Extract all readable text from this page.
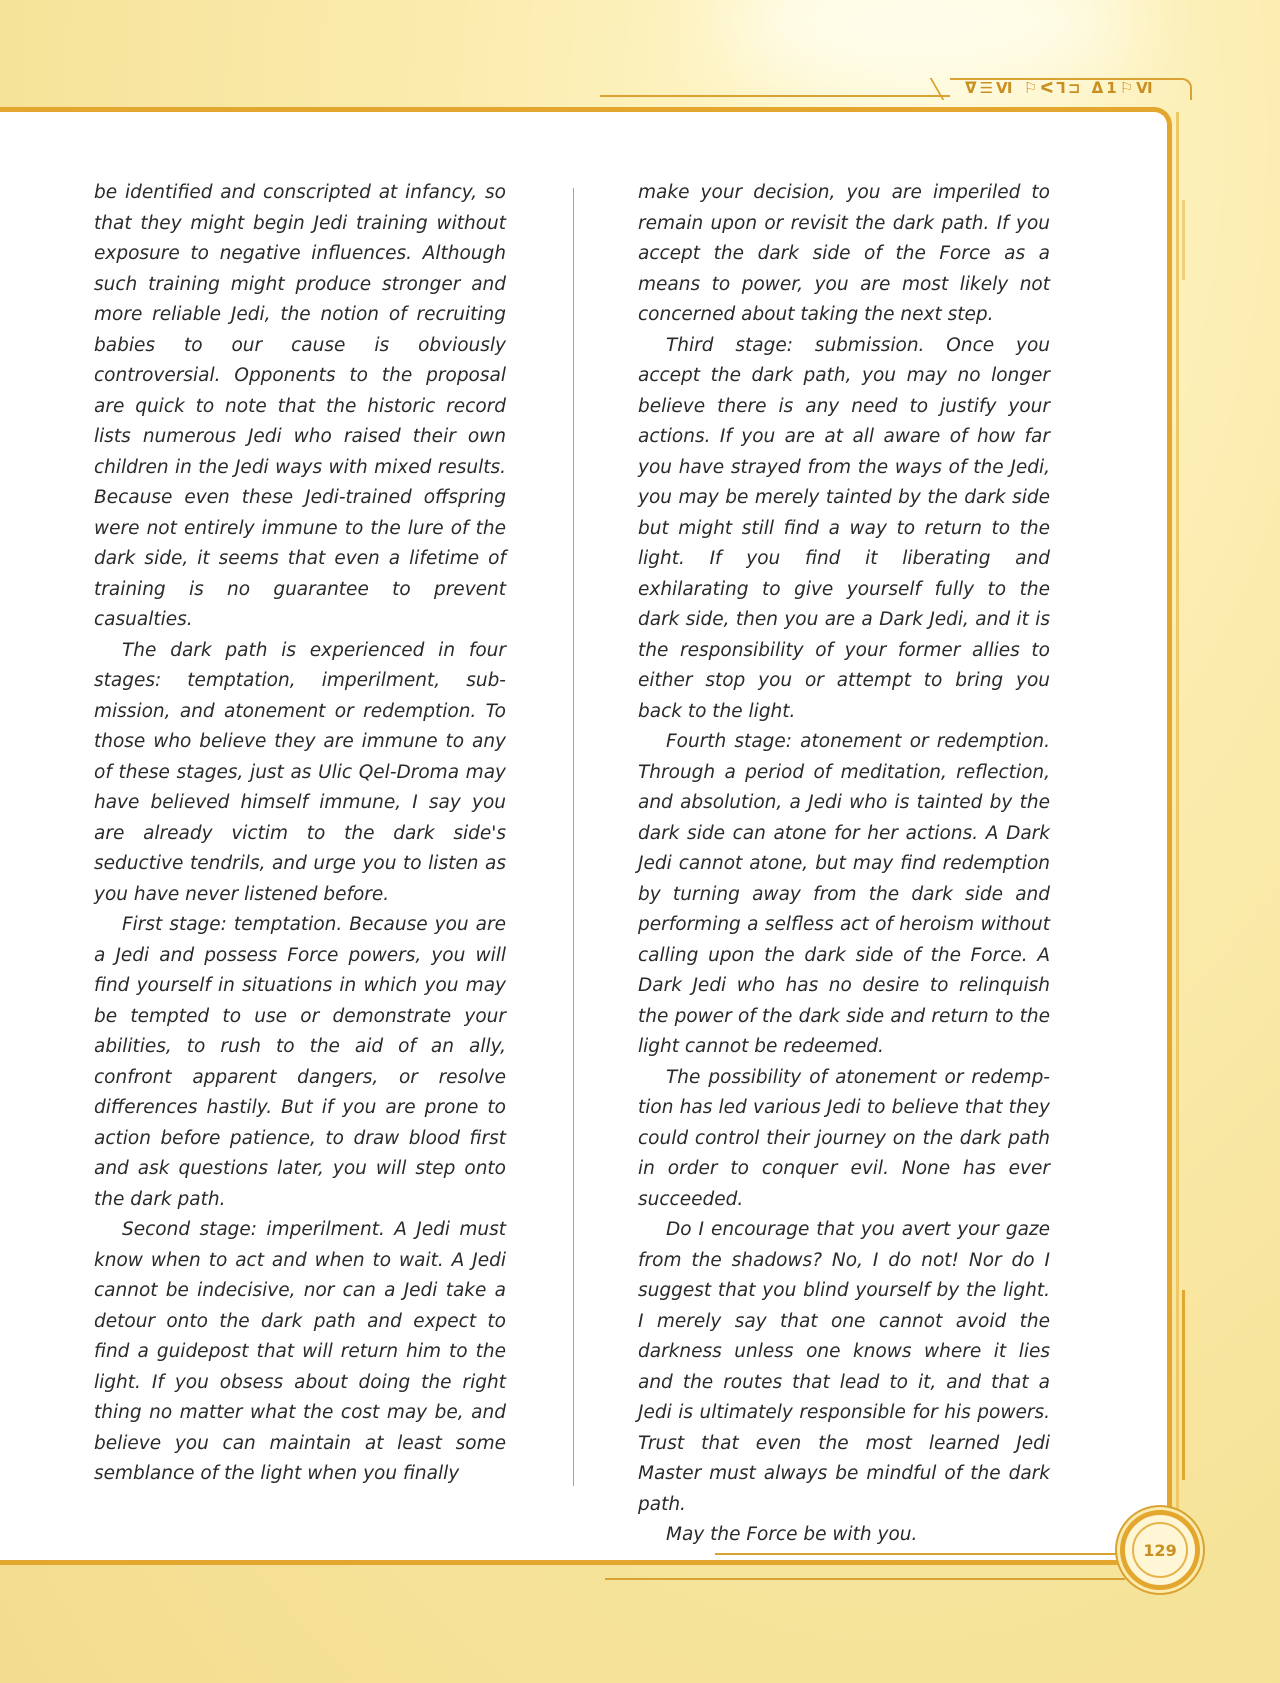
ᐁ☰Ⅵ ⚐ᐸ⅂⊐ ᐃ1⚐Ⅵ

be identified and conscripted at infancy, so that they might begin Jedi training without exposure to negative influences. Although such training might produce stronger and more reliable Jedi, the notion of recruiting babies to our cause is obviously controversial. Opponents to the proposal are quick to note that the historic record lists numerous Jedi who raised their own children in the Jedi ways with mixed results. Because even these Jedi-trained offspring were not entirely immune to the lure of the dark side, it seems that even a lifetime of training is no guarantee to prevent casualties.

The dark path is experienced in four stages: temptation, imperilment, sub-mission, and atonement or redemption. To those who believe they are immune to any of these stages, just as Ulic Qel-Droma may have believed himself immune, I say you are already victim to the dark side's seductive tendrils, and urge you to listen as you have never listened before.

First stage: temptation. Because you are a Jedi and possess Force powers, you will find yourself in situations in which you may be tempted to use or demonstrate your abilities, to rush to the aid of an ally, confront apparent dangers, or resolve differences hastily. But if you are prone to action before patience, to draw blood first and ask questions later, you will step onto the dark path.

Second stage: imperilment. A Jedi must know when to act and when to wait. A Jedi cannot be indecisive, nor can a Jedi take a detour onto the dark path and expect to find a guidepost that will return him to the light. If you obsess about doing the right thing no matter what the cost may be, and believe you can maintain at least some semblance of the light when you finally

make your decision, you are imperiled to remain upon or revisit the dark path. If you accept the dark side of the Force as a means to power, you are most likely not concerned about taking the next step.

Third stage: submission. Once you accept the dark path, you may no longer believe there is any need to justify your actions. If you are at all aware of how far you have strayed from the ways of the Jedi, you may be merely tainted by the dark side but might still find a way to return to the light. If you find it liberating and exhilarating to give yourself fully to the dark side, then you are a Dark Jedi, and it is the responsibility of your former allies to either stop you or attempt to bring you back to the light.

Fourth stage: atonement or redemption. Through a period of meditation, reflection, and absolution, a Jedi who is tainted by the dark side can atone for her actions. A Dark Jedi cannot atone, but may find redemption by turning away from the dark side and performing a selfless act of heroism without calling upon the dark side of the Force. A Dark Jedi who has no desire to relinquish the power of the dark side and return to the light cannot be redeemed.

The possibility of atonement or redemp-tion has led various Jedi to believe that they could control their journey on the dark path in order to conquer evil. None has ever succeeded.

Do I encourage that you avert your gaze from the shadows? No, I do not! Nor do I suggest that you blind yourself by the light. I merely say that one cannot avoid the darkness unless one knows where it lies and the routes that lead to it, and that a Jedi is ultimately responsible for his powers. Trust that even the most learned Jedi Master must always be mindful of the dark path.

May the Force be with you.

129
